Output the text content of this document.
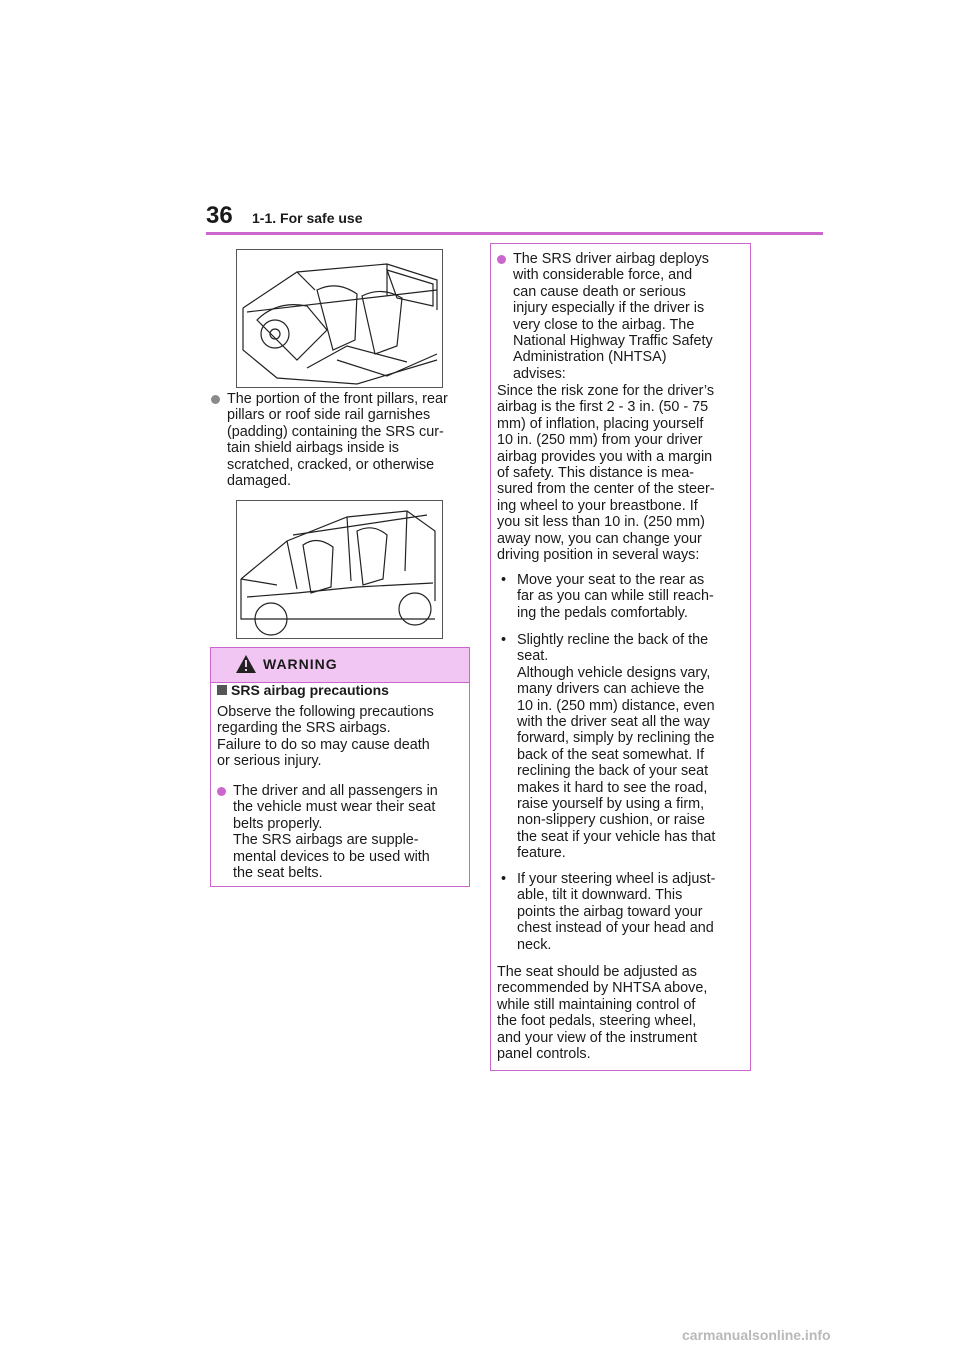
36 1-1. For safe use
The portion of the front pillars, rear
pillars or roof side rail garnishes
(padding) containing the SRS cur-
tain shield airbags inside is
scratched, cracked, or otherwise
damaged.
WARNING
SRS airbag precautions
Observe the following precautions
regarding the SRS airbags.
Failure to do so may cause death
or serious injury.
The driver and all passengers in
the vehicle must wear their seat
belts properly.
The SRS airbags are supple-
mental devices to be used with
the seat belts.
The SRS driver airbag deploys
with considerable force, and
can cause death or serious
injury especially if the driver is
very close to the airbag. The
National Highway Traffic Safety
Administration (NHTSA)
advises:
Since the risk zone for the driver’s
airbag is the first 2 - 3 in. (50 - 75
mm) of inflation, placing yourself
10 in. (250 mm) from your driver
airbag provides you with a margin
of safety. This distance is mea-
sured from the center of the steer-
ing wheel to your breastbone. If
you sit less than 10 in. (250 mm)
away now, you can change your
driving position in several ways:
• Move your seat to the rear as
far as you can while still reach-
ing the pedals comfortably.
• Slightly recline the back of the
seat.
Although vehicle designs vary,
many drivers can achieve the
10 in. (250 mm) distance, even
with the driver seat all the way
forward, simply by reclining the
back of the seat somewhat. If
reclining the back of your seat
makes it hard to see the road,
raise yourself by using a firm,
non-slippery cushion, or raise
the seat if your vehicle has that
feature.
• If your steering wheel is adjust-
able, tilt it downward. This
points the airbag toward your
chest instead of your head and
neck.
The seat should be adjusted as
recommended by NHTSA above,
while still maintaining control of
the foot pedals, steering wheel,
and your view of the instrument
panel controls.
carmanualsonline.info
